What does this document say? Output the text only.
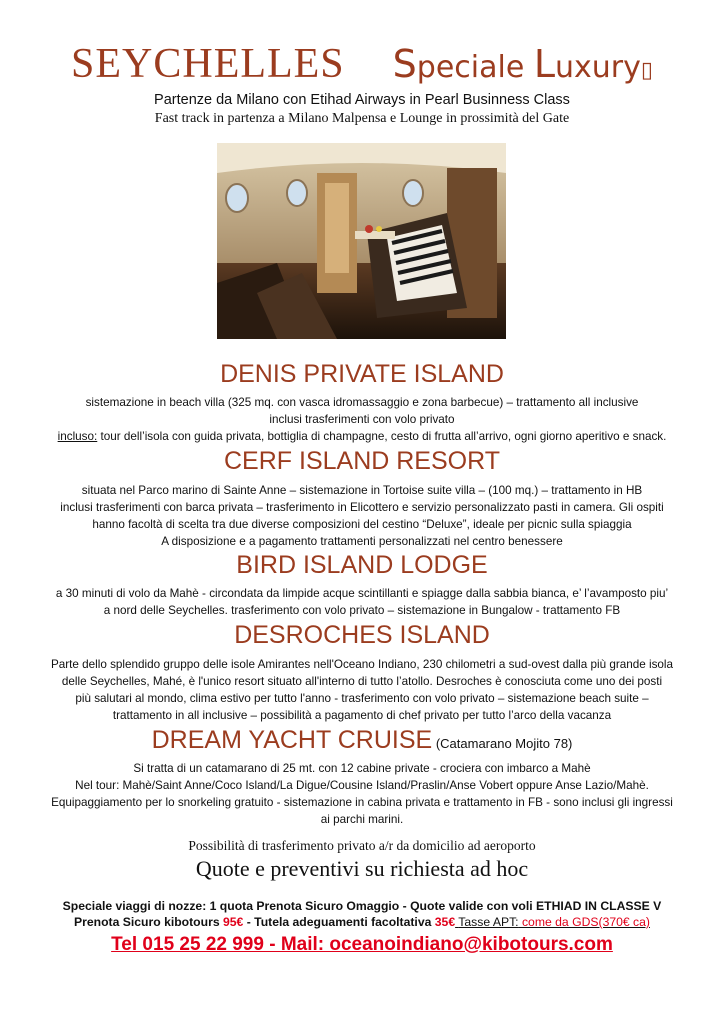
SEYCHELLES Speciale Luxury▯
Partenze da Milano con Etihad Airways in Pearl Businness Class
Fast track in partenza a Milano Malpensa e Lounge in prossimità del Gate
DENIS PRIVATE ISLAND
sistemazione in beach villa (325 mq. con vasca idromassaggio e zona barbecue) – trattamento all inclusive
inclusi trasferimenti con volo privato
incluso: tour dell’isola con guida privata, bottiglia di champagne, cesto di frutta all’arrivo, ogni giorno aperitivo e snack.
CERF ISLAND RESORT
situata nel Parco marino di Sainte Anne – sistemazione in Tortoise suite villa – (100 mq.) – trattamento in HB
inclusi trasferimenti con barca privata – trasferimento in Elicottero e servizio personalizzato pasti in camera. Gli ospiti
hanno facoltà di scelta tra due diverse composizioni del cestino “Deluxe”, ideale per picnic sulla spiaggia
A disposizione e a pagamento trattamenti personalizzati nel centro benessere
BIRD ISLAND LODGE
a 30 minuti di volo da Mahè - circondata da limpide acque scintillanti e spiagge dalla sabbia bianca, e’ l’avamposto piu’
a nord delle Seychelles. trasferimento con volo privato – sistemazione in Bungalow - trattamento FB
DESROCHES ISLAND
Parte dello splendido gruppo delle isole Amirantes nell'Oceano Indiano, 230 chilometri a sud-ovest dalla più grande isola
delle Seychelles, Mahé, è l'unico resort situato all'interno di tutto l’atollo. Desroches è conosciuta come uno dei posti
più salutari al mondo, clima estivo per tutto l'anno - trasferimento con volo privato – sistemazione beach suite –
trattamento in all inclusive – possibilità a pagamento di chef privato per tutto l’arco della vacanza
DREAM YACHT CRUISE (Catamarano Mojito 78)
Si tratta di un catamarano di 25 mt. con 12 cabine private - crociera con imbarco a Mahè
Nel tour: Mahè/Saint Anne/Coco Island/La Digue/Cousine Island/Praslin/Anse Vobert oppure Anse Lazio/Mahè.
Equipaggiamento per lo snorkeling gratuito - sistemazione in cabina privata e trattamento in FB - sono inclusi gli ingressi
ai parchi marini.
Possibilità di trasferimento privato a/r da domicilio ad aeroporto
Quote e preventivi su richiesta ad hoc
Speciale viaggi di nozze: 1 quota Prenota Sicuro Omaggio - Quote valide con voli ETHIAD IN CLASSE V
Prenota Sicuro kibotours 95€ - Tutela adeguamenti facoltativa 35€ Tasse APT: come da GDS(370€ ca)
Tel 015 25 22 999 - Mail: oceanoindiano@kibotours.com
